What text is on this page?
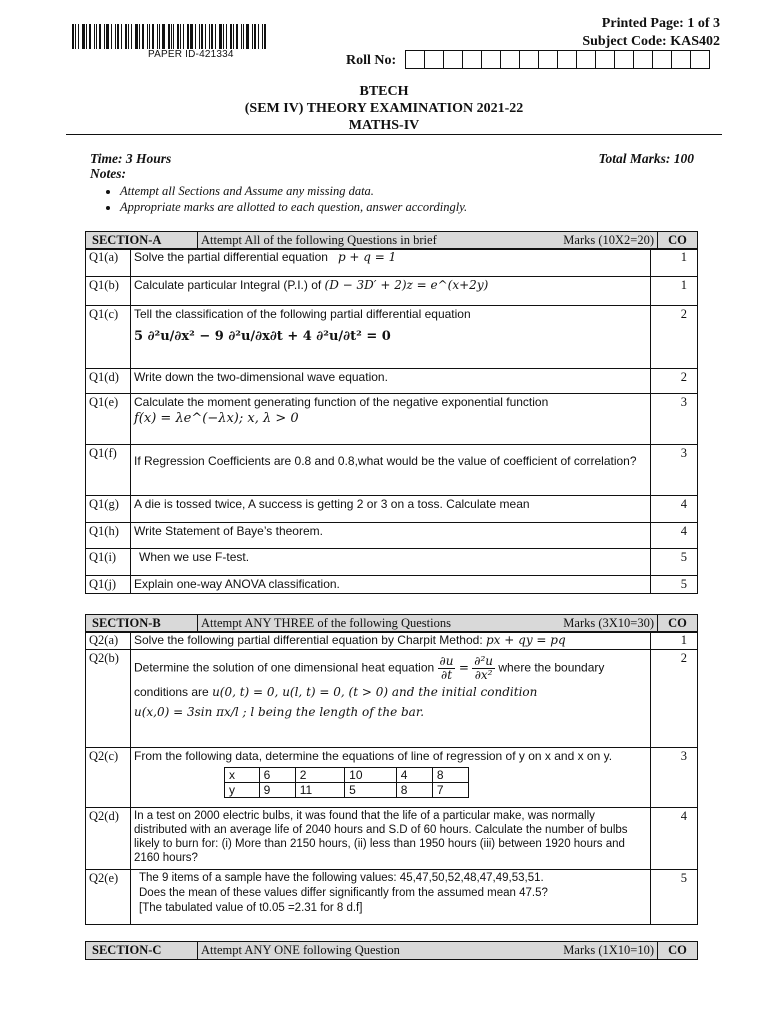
PAPER ID-421334
Printed Page: 1 of 3
Subject Code: KAS402
Roll No:
BTECH
(SEM IV) THEORY EXAMINATION 2021-22
MATHS-IV
Time: 3 Hours	Total Marks: 100
Notes:
• Attempt all Sections and Assume any missing data.
• Appropriate marks are allotted to each question, answer accordingly.
SECTION-A	Attempt All of the following Questions in brief	Marks (10X2=20)	CO
Q1(a)	Solve the partial differential equation p + q = 1	1
Q1(b)	Calculate particular Integral (P.I.) of (D − 3D′ + 2)z = e^(x+2y)	1
Q1(c)	Tell the classification of the following partial differential equation
5 ∂²u/∂x² − 9 ∂²u/∂x∂t + 4 ∂²u/∂t² = 0	2
Q1(d)	Write down the two-dimensional wave equation.	2
Q1(e)	Calculate the moment generating function of the negative exponential function
f(x) = λe^(−λx); x, λ > 0	3
Q1(f)	If Regression Coefficients are 0.8 and 0.8,what would be the value of coefficient of correlation?	3
Q1(g)	A die is tossed twice, A success is getting 2 or 3 on a toss. Calculate mean	4
Q1(h)	Write Statement of Baye’s theorem.	4
Q1(i)	When we use F-test.	5
Q1(j)	Explain one-way ANOVA classification.	5
SECTION-B	Attempt ANY THREE of the following Questions	Marks (3X10=30)	CO
Q2(a)	Solve the following partial differential equation by Charpit Method: px + qy = pq	1
Q2(b)	
Determine the solution of one dimensional heat equation $\frac{\partial u}{\partial t} = \frac{\text{∂²u}}{\text{∂x²}}$ where the boundary
conditions are u(0, t) = 0, u(l, t) = 0, (t > 0) and the initial condition
u(x,0) = 3sin πx/l ; l being the length of the bar.
	2
Q2(c)	From the following data, determine the equations of line of regression of y on x and x on y.
x	6	2	10	4	8
y	9	11	5	8	7
	3
Q2(d)	In a test on 2000 electric bulbs, it was found that the life of a particular make, was normally distributed with an average life of 2040 hours and S.D of 60 hours. Calculate the number of bulbs likely to burn for: (i) More than 2150 hours, (ii) less than 1950 hours (iii) between 1920 hours and 2160 hours?	4
Q2(e)	The 9 items of a sample have the following values: 45,47,50,52,48,47,49,53,51.
Does the mean of these values differ significantly from the assumed mean 47.5?
[The tabulated value of t0.05 =2.31 for 8 d.f]
	5
SECTION-C	Attempt ANY ONE following Question	Marks (1X10=10)	CO
